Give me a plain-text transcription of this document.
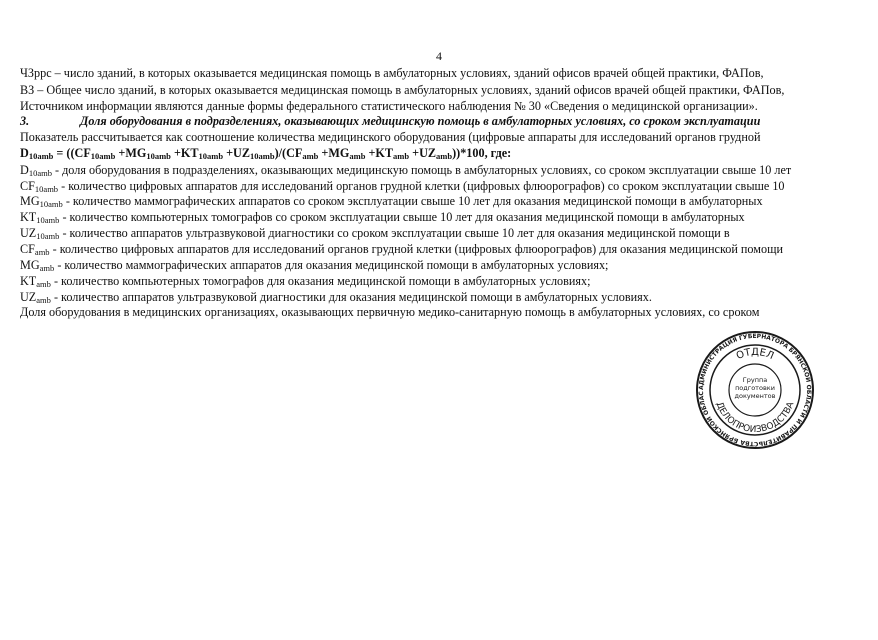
4
ЧЗрpс – число зданий, в которых оказывается медицинская помощь в амбулаторных условиях, зданий офисов врачей общей практики, ФАПов,
ВЗ – Общее число зданий, в которых оказывается медицинская помощь в амбулаторных условиях, зданий офисов врачей общей практики, ФАПов,
Источником информации являются данные формы федерального статистического наблюдения № 30 «Сведения о медицинской организации».
3.	Доля оборудования в подразделениях, оказывающих медицинскую помощь в амбулаторных условиях, со сроком эксплуатации
Показатель рассчитывается как соотношение количества медицинского оборудования (цифровые аппараты для исследований органов грудной
$D_{10amb} = ((CF_{10amb} +MG_{10amb} +KT_{10amb} +UZ_{10amb})/(CF_{amb} +MG_{amb} +KT_{amb} +UZ_{amb}))*100$, где:
$D_{10amb}$ - доля оборудования в подразделениях, оказывающих медицинскую помощь в амбулаторных условиях, со сроком эксплуатации свыше 10 лет
$CF_{10amb}$ - количество цифровых аппаратов для исследований органов грудной клетки (цифровых флюорографов) со сроком эксплуатации свыше 10
$MG_{10amb}$ - количество маммографических аппаратов со сроком эксплуатации свыше 10 лет для оказания медицинской помощи в амбулаторных
$KT_{10amb}$ - количество компьютерных томографов со сроком эксплуатации свыше 10 лет для оказания медицинской помощи в амбулаторных
$UZ_{10amb}$ - количество аппаратов ультразвуковой диагностики со сроком эксплуатации свыше 10 лет для оказания медицинской помощи в
$CF_{amb}$ - количество цифровых аппаратов для исследований органов грудной клетки (цифровых флюорографов) для оказания медицинской помощи
$MG_{amb}$ - количество маммографических аппаратов для оказания медицинской помощи в амбулаторных условиях;
$KT_{amb}$ - количество компьютерных томографов для оказания медицинской помощи в амбулаторных условиях;
$UZ_{amb}$ - количество аппаратов ультразвуковой диагностики для оказания медицинской помощи в амбулаторных условиях.
Доля оборудования в медицинских организациях, оказывающих первичную медико-санитарную помощь в амбулаторных условиях, со сроком
АДМИНИСТРАЦИЯ ГУБЕРНАТОРА БРЯНСКОЙ ОБЛАСТИ И ПРАВИТЕЛЬСТВА БРЯНСКОЙ ОБЛАС
ОТДЕЛ
ДЕЛОПРОИЗВОДСТВА
Группа подготовки документов
